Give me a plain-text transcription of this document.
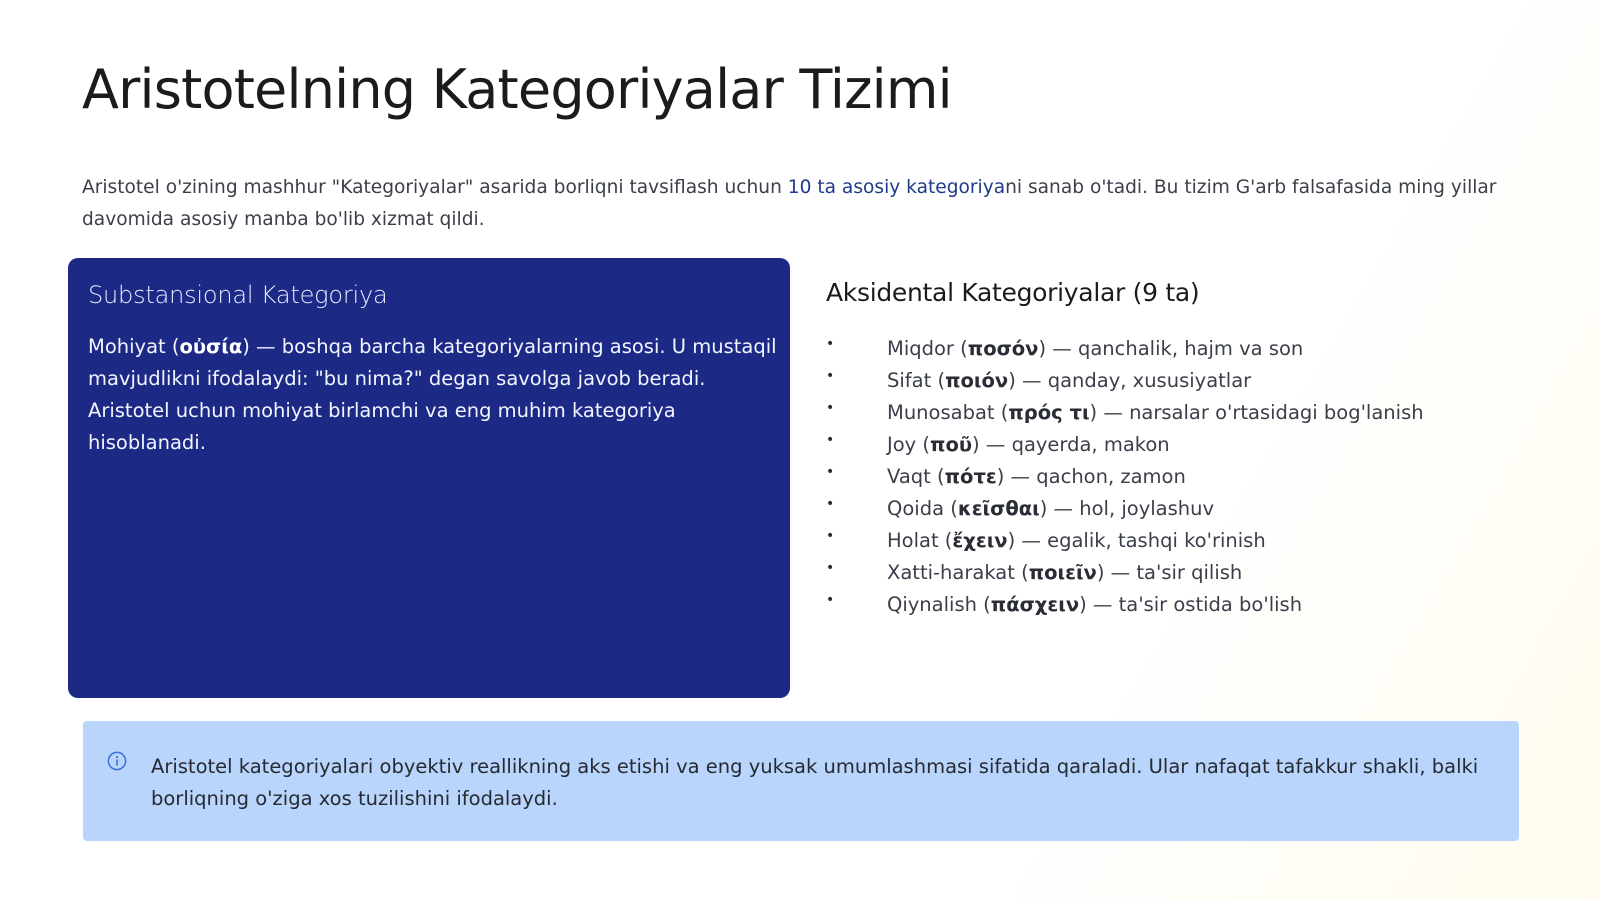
Aristotelning Kategoriyalar Tizimi

Aristotel o'zining mashhur "Kategoriyalar" asarida borliqni tavsiflash uchun 10 ta asosiy kategoriyani sanab o'tadi. Bu tizim G'arb falsafasida ming yillar davomida asosiy manba bo'lib xizmat qildi.

Substansional Kategoriya
Mohiyat (οὐσία) — boshqa barcha kategoriyalarning asosi. U mustaqil mavjudlikni ifodalaydi: "bu nima?" degan savolga javob beradi. Aristotel uchun mohiyat birlamchi va eng muhim kategoriya hisoblanadi.
Aksidental Kategoriyalar (9 ta)
•	Miqdor (ποσόν) — qanchalik, hajm va son
•	Sifat (ποιόν) — qanday, xususiyatlar
•	Munosabat (πρός τι) — narsalar o'rtasidagi bog'lanish
•	Joy (ποῦ) — qayerda, makon
•	Vaqt (πότε) — qachon, zamon
•	Qoida (κεῖσθαι) — hol, joylashuv
•	Holat (ἔχειν) — egalik, tashqi ko'rinish
•	Xatti-harakat (ποιεῖν) — ta'sir qilish
•	Qiynalish (πάσχειν) — ta'sir ostida bo'lish
Aristotel kategoriyalari obyektiv reallikning aks etishi va eng yuksak umumlashmasi sifatida qaraladi. Ular nafaqat tafakkur shakli, balki borliqning o'ziga xos tuzilishini ifodalaydi.
